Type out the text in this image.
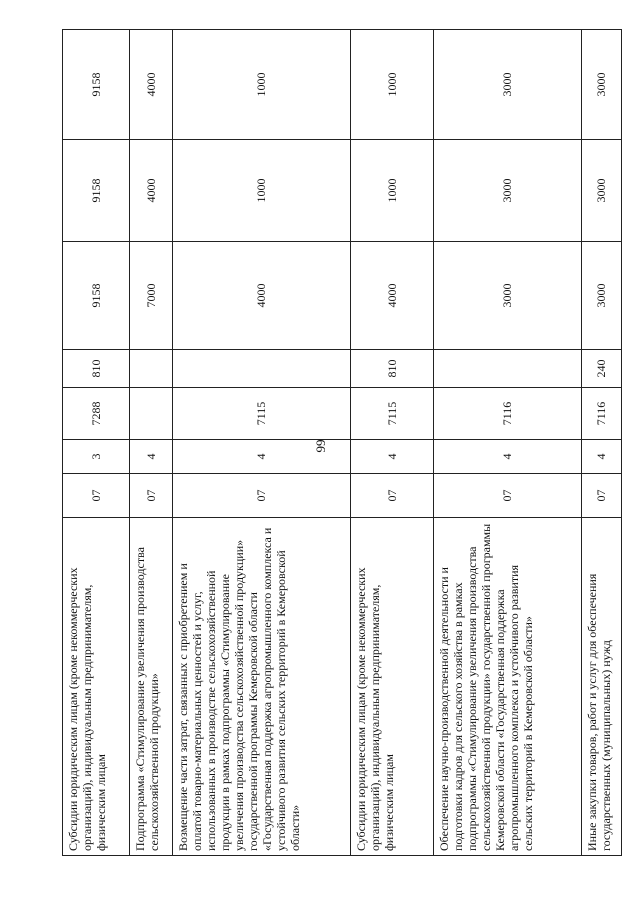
99
Субсидии юридическим лицам (кроме некоммерческих организаций), индивидуальным предпринимателям, физическим лицам	07	3	7288	810	9158	9158	9158
Подпрограмма «Стимулирование увеличения производства сельскохозяйственной продукции»	07	4			7000	4000	4000
Возмещение части затрат, связанных с приобретением и оплатой товарно-материальных ценностей и услуг, использованных в производстве сельскохозяйственной продукции в рамках подпрограммы «Стимулирование увеличения производства сельскохозяйственной продукции» государственной программы Кемеровской области «Государственная поддержка агропромышленного комплекса и устойчивого развития сельских территорий в Кемеровской области»	07	4	7115		4000	1000	1000
Субсидии юридическим лицам (кроме некоммерческих организаций), индивидуальным предпринимателям, физическим лицам	07	4	7115	810	4000	1000	1000
Обеспечение научно-производственной деятельности и подготовки кадров для сельского хозяйства в рамках подпрограммы «Стимулирование увеличения производства сельскохозяйственной продукции» государственной программы Кемеровской области «Государственная поддержка агропромышленного комплекса и устойчивого развития сельских территорий в Кемеровской области»	07	4	7116		3000	3000	3000
Иные закупки товаров, работ и услуг для обеспечения государственных (муниципальных) нужд	07	4	7116	240	3000	3000	3000
